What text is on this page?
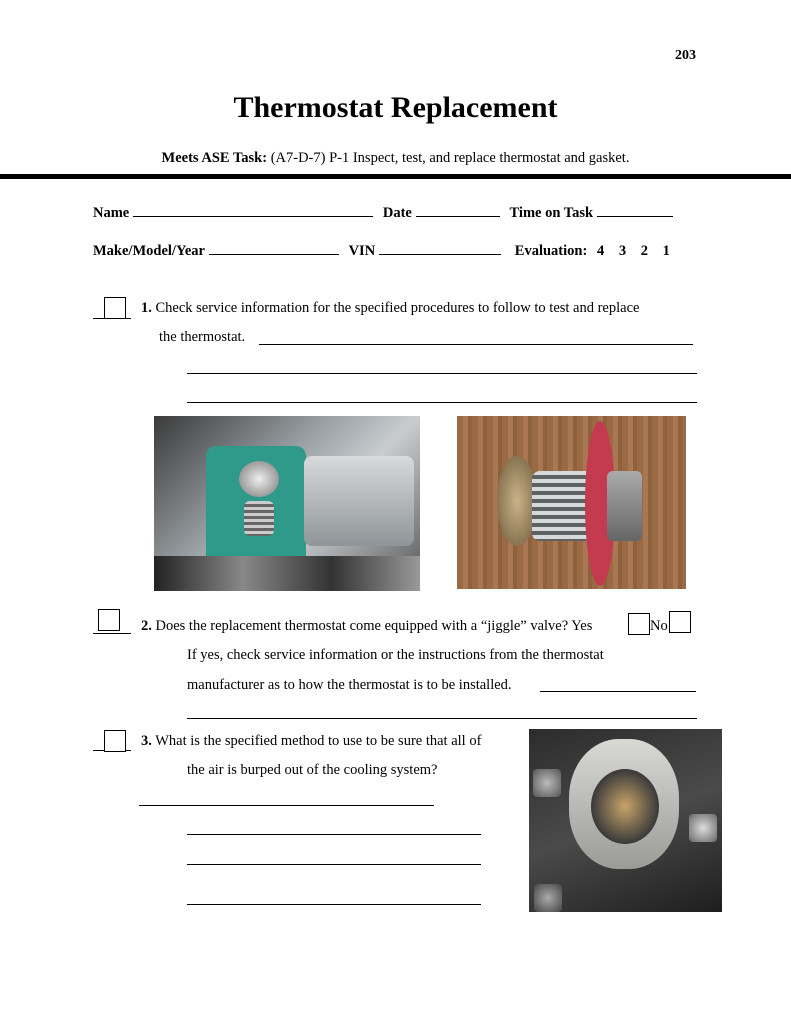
203
Thermostat Replacement
Meets ASE Task: (A7-D-7) P-1 Inspect, test, and replace thermostat and gasket.
Name	Date	Time on Task
Make/Model/Year	VIN	Evaluation: 4 3 2 1
1. Check service information for the specified procedures to follow to test and replace
the thermostat.
2. Does the replacement thermostat come equipped with a “jiggle” valve? Yes	No
If yes, check service information or the instructions from the thermostat
manufacturer as to how the thermostat is to be installed.
3. What is the specified method to use to be sure that all of
the air is burped out of the cooling system?
